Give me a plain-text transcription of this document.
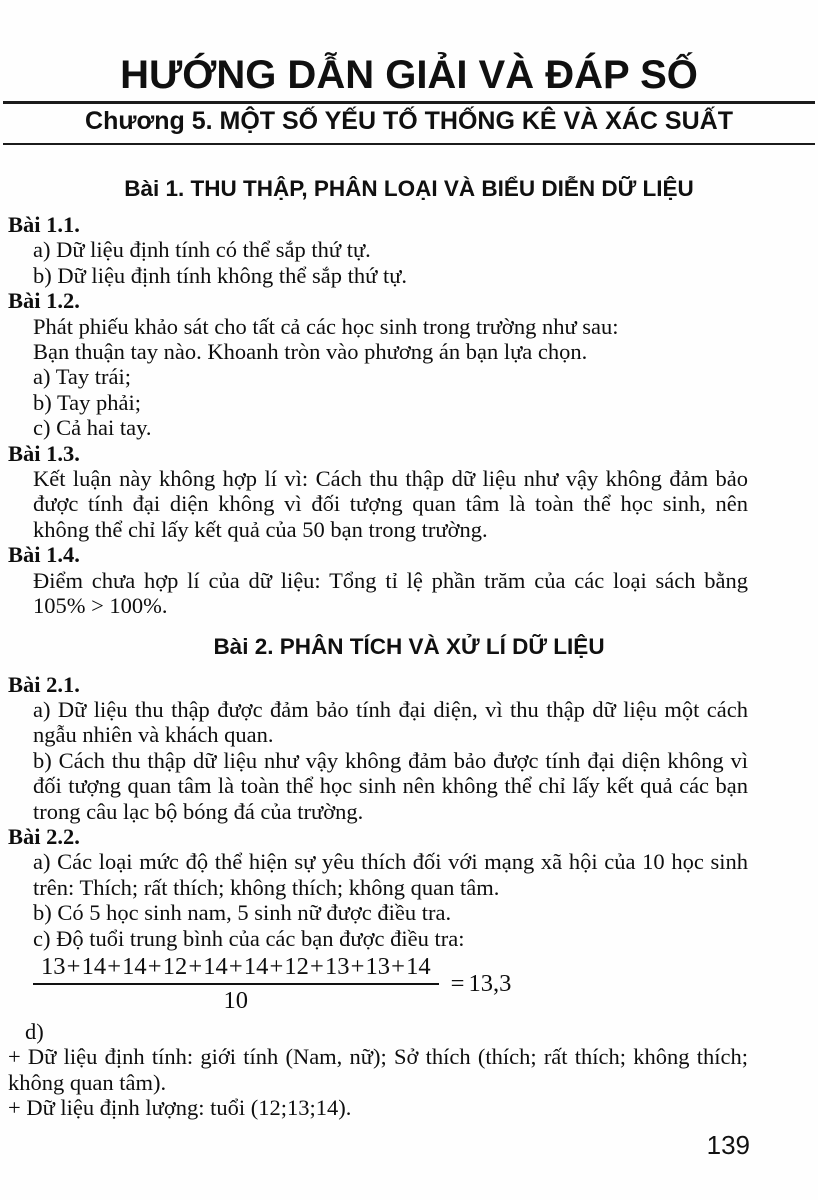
HƯỚNG DẪN GIẢI VÀ ĐÁP SỐ
Chương 5. MỘT SỐ YẾU TỐ THỐNG KÊ VÀ XÁC SUẤT
Bài 1. THU THẬP, PHÂN LOẠI VÀ BIỂU DIỄN DỮ LIỆU

Bài 1.1.

a) Dữ liệu định tính có thể sắp thứ tự.

b) Dữ liệu định tính không thể sắp thứ tự.

Bài 1.2.

Phát phiếu khảo sát cho tất cả các học sinh trong trường như sau:

Bạn thuận tay nào. Khoanh tròn vào phương án bạn lựa chọn.

a) Tay trái;

b) Tay phải;

c) Cả hai tay.

Bài 1.3.

Kết luận này không hợp lí vì: Cách thu thập dữ liệu như vậy không đảm bảo được tính đại diện không vì đối tượng quan tâm là toàn thể học sinh, nên không thể chỉ lấy kết quả của 50 bạn trong trường.

Bài 1.4.

Điểm chưa hợp lí của dữ liệu: Tổng tỉ lệ phần trăm của các loại sách bằng 105% > 100%.

Bài 2. PHÂN TÍCH VÀ XỬ LÍ DỮ LIỆU

Bài 2.1.

a) Dữ liệu thu thập được đảm bảo tính đại diện, vì thu thập dữ liệu một cách ngẫu nhiên và khách quan.

b) Cách thu thập dữ liệu như vậy không đảm bảo được tính đại diện không vì đối tượng quan tâm là toàn thể học sinh nên không thể chỉ lấy kết quả các bạn trong câu lạc bộ bóng đá của trường.

Bài 2.2.

a) Các loại mức độ thể hiện sự yêu thích đối với mạng xã hội của 10 học sinh trên: Thích; rất thích; không thích; không quan tâm.

b) Có 5 học sinh nam, 5 sinh nữ được điều tra.

c) Độ tuổi trung bình của các bạn được điều tra:

$\frac{13 + 14 + 14 + 12 + 14 + 14 + 12 + 13 + 13 + 14}{10} = 13,3$

d)

+ Dữ liệu định tính: giới tính (Nam, nữ); Sở thích (thích; rất thích; không thích; không quan tâm).

+ Dữ liệu định lượng: tuổi (12;13;14).

139
